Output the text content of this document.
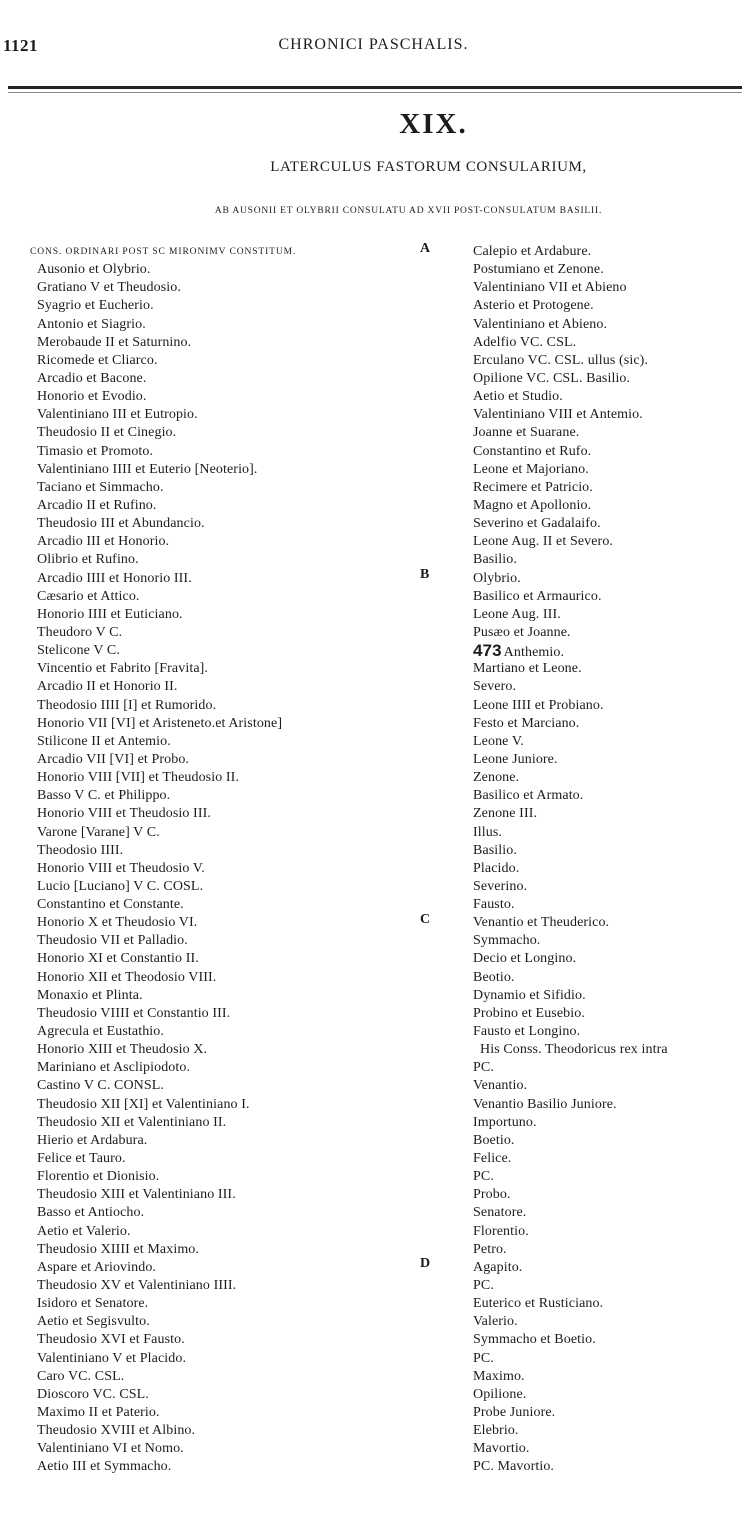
1121	CHRONICI PASCHALIS.
XIX.
LATERCULUS FASTORUM CONSULARIUM,
AB AUSONII ET OLYBRII CONSULATU AD XVII POST-CONSULATUM BASILII.
CONS. ORDINARI POST SC MIRONIMV CONSTITUM.
Ausonio et Olybrio.
Gratiano V et Theudosio.
Syagrio et Eucherio.
Antonio et Siagrio.
Merobaude II et Saturnino.
Ricomede et Cliarco.
Arcadio et Bacone.
Honorio et Evodio.
Valentiniano III et Eutropio.
Theudosio II et Cinegio.
Timasio et Promoto.
Valentiniano IIII et Euterio [Neoterio].
Taciano et Simmacho.
Arcadio II et Rufino.
Theudosio III et Abundancio.
Arcadio III et Honorio.
Olibrio et Rufino.
Arcadio IIII et Honorio III.
Cæsario et Attico.
Honorio IIII et Euticiano.
Theudoro V C.
Stelicone V C.
Vincentio et Fabrito [Fravita].
Arcadio II et Honorio II.
Theodosio IIII [I] et Rumorido.
Honorio VII [VI] et Aristeneto.et Aristone]
Stilicone II et Antemio.
Arcadio VII [VI] et Probo.
Honorio VIII [VII] et Theudosio II.
Basso V C. et Philippo.
Honorio VIII et Theudosio III.
Varone [Varane] V C.
Theodosio IIII.
Honorio VIII et Theudosio V.
Lucio [Luciano] V C. COSL.
Constantino et Constante.
Honorio X et Theudosio VI.
Theudosio VII et Palladio.
Honorio XI et Constantio II.
Honorio XII et Theodosio VIII.
Monaxio et Plinta.
Theudosio VIIII et Constantio III.
Agrecula et Eustathio.
Honorio XIII et Theudosio X.
Mariniano et Asclipiodoto.
Castino V C. CONSL.
Theudosio XII [XI] et Valentiniano I.
Theudosio XII et Valentiniano II.
Hierio et Ardabura.
Felice et Tauro.
Florentio et Dionisio.
Theudosio XIII et Valentiniano III.
Basso et Antiocho.
Aetio et Valerio.
Theudosio XIIII et Maximo.
Aspare et Ariovindo.
Theudosio XV et Valentiniano IIII.
Isidoro et Senatore.
Aetio et Segisvulto.
Theudosio XVI et Fausto.
Valentiniano V et Placido.
Caro VC. CSL.
Dioscoro VC. CSL.
Maximo II et Paterio.
Theudosio XVIII et Albino.
Valentiniano VI et Nomo.
Aetio III et Symmacho.
Calepio et Ardabure.
Postumiano et Zenone.
Valentiniano VII et Abieno
Asterio et Protogene.
Valentiniano et Abieno.
Adelfio VC. CSL.
Erculano VC. CSL. ullus (sic).
Opilione VC. CSL. Basilio.
Aetio et Studio.
Valentiniano VIII et Antemio.
Joanne et Suarane.
Constantino et Rufo.
Leone et Majoriano.
Recimere et Patricio.
Magno et Apollonio.
Severino et Gadalaifo.
Leone Aug. II et Severo.
Basilio.
Olybrio.
Basilico et Armaurico.
Leone Aug. III.
Pusæo et Joanne.
473 Anthemio.
Martiano et Leone.
Severo.
Leone IIII et Probiano.
Festo et Marciano.
Leone V.
Leone Juniore.
Zenone.
Basilico et Armato.
Zenone III.
Illus.
Basilio.
Placido.
Severino.
Fausto.
Venantio et Theuderico.
Symmacho.
Decio et Longino.
Beotio.
Dynamio et Sifidio.
Probino et Eusebio.
Fausto et Longino.
His Conss. Theodoricus rex intra
PC.
Venantio.
Venantio Basilio Juniore.
Importuno.
Boetio.
Felice.
PC.
Probo.
Senatore.
Florentio.
Petro.
Agapito.
PC.
Euterico et Rusticiano.
Valerio.
Symmacho et Boetio.
PC.
Maximo.
Opilione.
Probe Juniore.
Elebrio.
Mavortio.
PC. Mavortio.
A
B
C
D
